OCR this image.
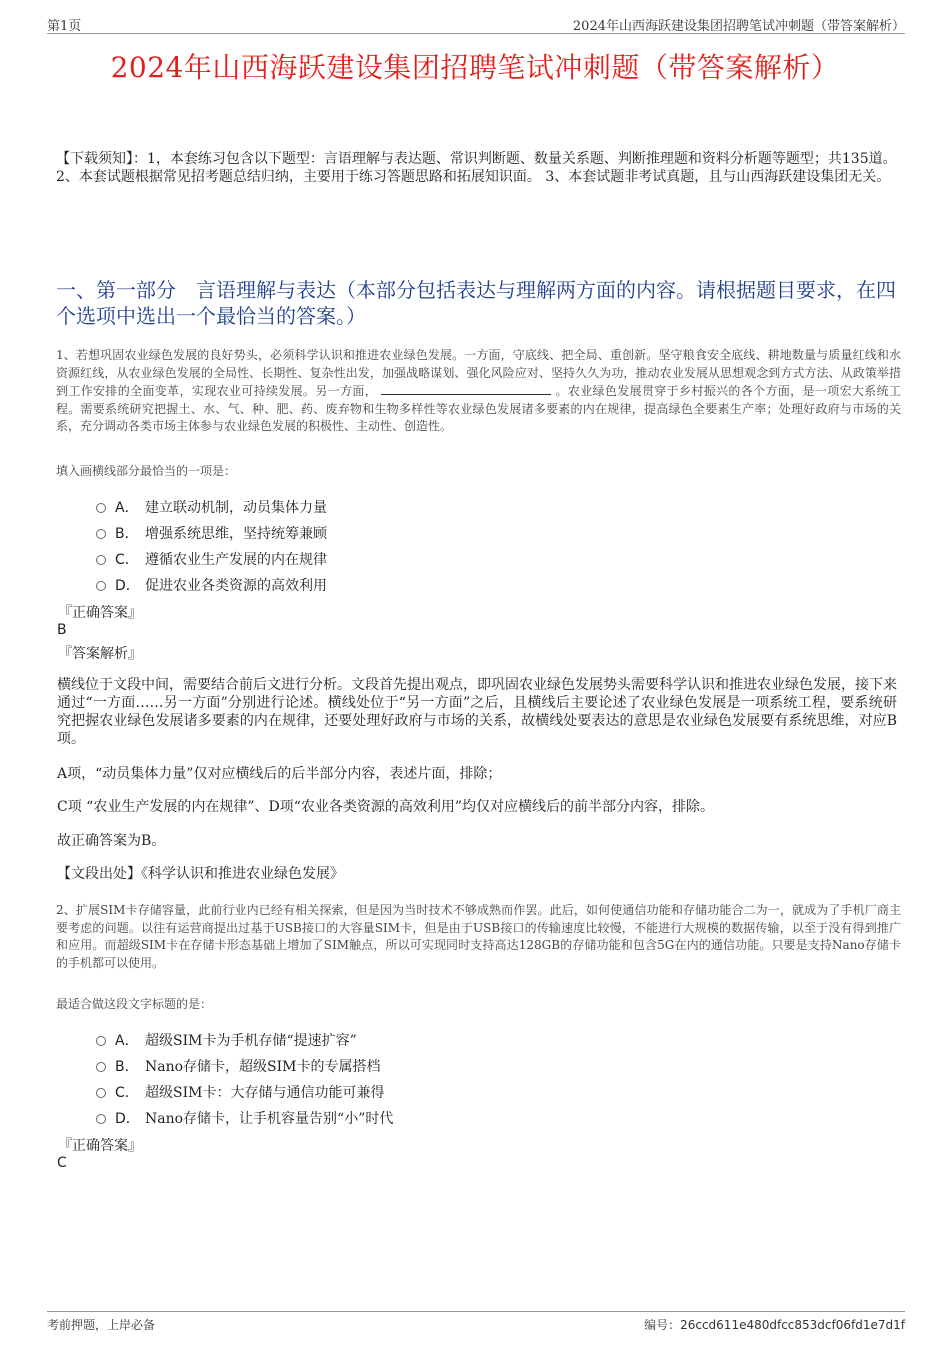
第1页	2024年山西海跃建设集团招聘笔试冲刺题（带答案解析）
2024年山西海跃建设集团招聘笔试冲刺题（带答案解析）
【下载须知】：1，本套练习包含以下题型：言语理解与表达题、常识判断题、数量关系题、判断推理题和资料分析题等题型；共135道。 2、本套试题根据常见招考题总结归纳，主要用于练习答题思路和拓展知识面。 3、本套试题非考试真题，且与山西海跃建设集团无关。
一、第一部分　言语理解与表达（本部分包括表达与理解两方面的内容。请根据题目要求，在四个选项中选出一个最恰当的答案。）
1、若想巩固农业绿色发展的良好势头，必须科学认识和推进农业绿色发展。一方面，守底线、把全局、重创新。坚守粮食安全底线、耕地数量与质量红线和水资源红线，从农业绿色发展的全局性、长期性、复杂性出发，加强战略谋划、强化风险应对、坚持久久为功，推动农业发展从思想观念到方式方法、从政策举措到工作安排的全面变革，实现农业可持续发展。另一方面，	。农业绿色发展贯穿于乡村振兴的各个方面，是一项宏大系统工程。需要系统研究把握土、水、气、种、肥、药、废弃物和生物多样性等农业绿色发展诸多要素的内在规律，提高绿色全要素生产率；处理好政府与市场的关系，充分调动各类市场主体参与农业绿色发展的积极性、主动性、创造性。
填入画横线部分最恰当的一项是：
A． 建立联动机制，动员集体力量
B． 增强系统思维，坚持统筹兼顾
C． 遵循农业生产发展的内在规律
D． 促进农业各类资源的高效利用
『正确答案』
B
『答案解析』
横线位于文段中间，需要结合前后文进行分析。文段首先提出观点，即巩固农业绿色发展势头需要科学认识和推进农业绿色发展，接下来通过“一方面……另一方面”分别进行论述。横线处位于“另一方面”之后，且横线后主要论述了农业绿色发展是一项系统工程，要系统研究把握农业绿色发展诸多要素的内在规律，还要处理好政府与市场的关系，故横线处要表达的意思是农业绿色发展要有系统思维，对应B项。
A项，“动员集体力量”仅对应横线后的后半部分内容，表述片面，排除；
C项 “农业生产发展的内在规律”、D项“农业各类资源的高效利用”均仅对应横线后的前半部分内容，排除。
故正确答案为B。
【文段出处】《科学认识和推进农业绿色发展》
2、扩展SIM卡存储容量，此前行业内已经有相关探索，但是因为当时技术不够成熟而作罢。此后，如何使通信功能和存储功能合二为一，就成为了手机厂商主要考虑的问题。以往有运营商提出过基于USB接口的大容量SIM卡，但是由于USB接口的传输速度比较慢，不能进行大规模的数据传输，以至于没有得到推广和应用。而超级SIM卡在存储卡形态基础上增加了SIM触点，所以可实现同时支持高达128GB的存储功能和包含5G在内的通信功能。只要是支持Nano存储卡的手机都可以使用。
最适合做这段文字标题的是：
A． 超级SIM卡为手机存储“提速扩容”
B． Nano存储卡，超级SIM卡的专属搭档
C． 超级SIM卡：大存储与通信功能可兼得
D． Nano存储卡，让手机容量告别“小”时代
『正确答案』
C
考前押题，上岸必备	编号：26ccd611e480dfcc853dcf06fd1e7d1f
